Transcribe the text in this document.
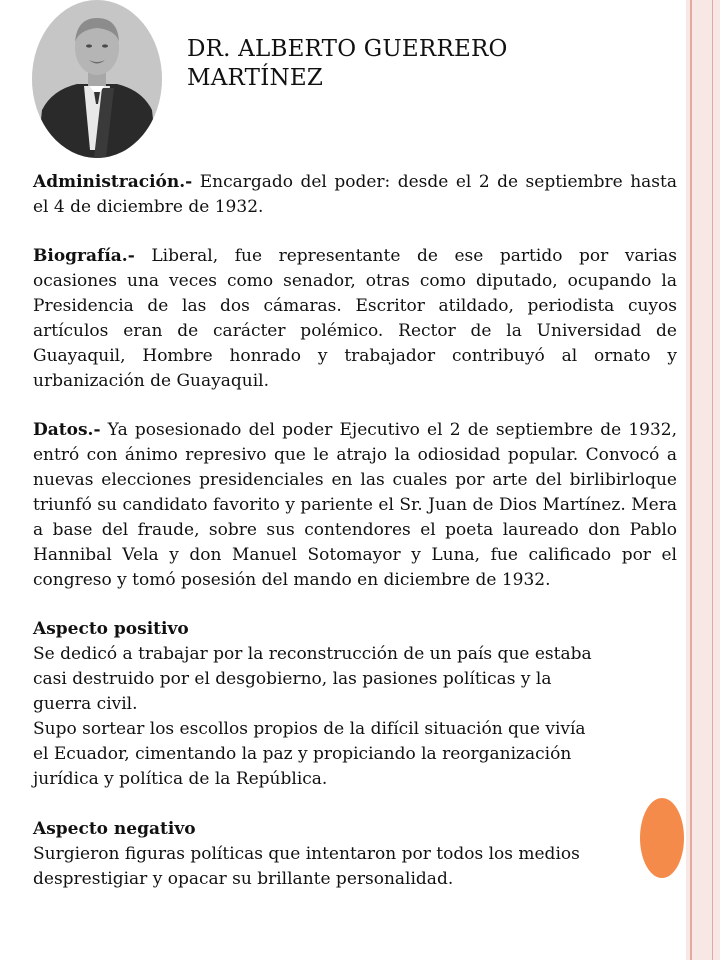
DR. ALBERTO GUERRERO
MARTÍNEZ

Administración.- Encargado del poder: desde el 2 de septiembre hasta el 4 de diciembre de 1932.

Biografía.- Liberal, fue representante de ese partido por varias ocasiones una veces como senador, otras como diputado, ocupando la Presidencia de las dos cámaras. Escritor atildado, periodista cuyos artículos eran de carácter polémico. Rector de la Universidad de Guayaquil, Hombre honrado y trabajador contribuyó al ornato y urbanización de Guayaquil.

Datos.- Ya posesionado del poder Ejecutivo el 2 de septiembre de 1932, entró con ánimo represivo que le atrajo la odiosidad popular. Convocó a nuevas elecciones presidenciales en las cuales por arte del birlibirloque triunfó su candidato favorito y pariente el Sr. Juan de Dios Martínez. Mera a base del fraude, sobre sus contendores el poeta laureado don Pablo Hannibal Vela y don Manuel Sotomayor y Luna, fue calificado por el congreso y tomó posesión del mando en diciembre de 1932.

Aspecto positivo

Se dedicó a trabajar por la reconstrucción de un país que estaba

casi destruido por el desgobierno, las pasiones políticas y la

guerra civil.

Supo sortear los escollos propios de la difícil situación que vivía

el Ecuador, cimentando la paz y propiciando la reorganización

jurídica y política de la República.

Aspecto negativo

Surgieron figuras políticas que intentaron por todos los medios

desprestigiar y opacar su brillante personalidad.
